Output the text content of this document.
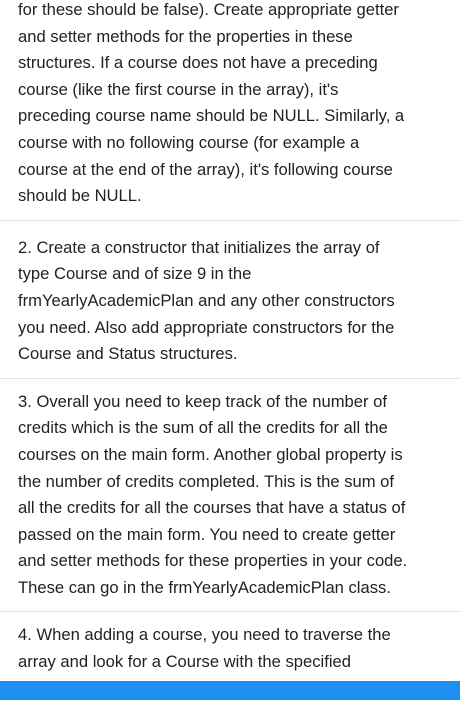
for these should be false). Create appropriate getter
and setter methods for the properties in these
structures. If a course does not have a preceding
course (like the first course in the array), it's
preceding course name should be NULL. Similarly, a
course with no following course (for example a
course at the end of the array), it's following course
should be NULL.
2. Create a constructor that initializes the array of
type Course and of size 9 in the
frmYearlyAcademicPlan and any other constructors
you need. Also add appropriate constructors for the
Course and Status structures.
3. Overall you need to keep track of the number of
credits which is the sum of all the credits for all the
courses on the main form. Another global property is
the number of credits completed. This is the sum of
all the credits for all the courses that have a status of
passed on the main form. You need to create getter
and setter methods for these properties in your code.
These can go in the frmYearlyAcademicPlan class.
4. When adding a course, you need to traverse the
array and look for a Course with the specified
